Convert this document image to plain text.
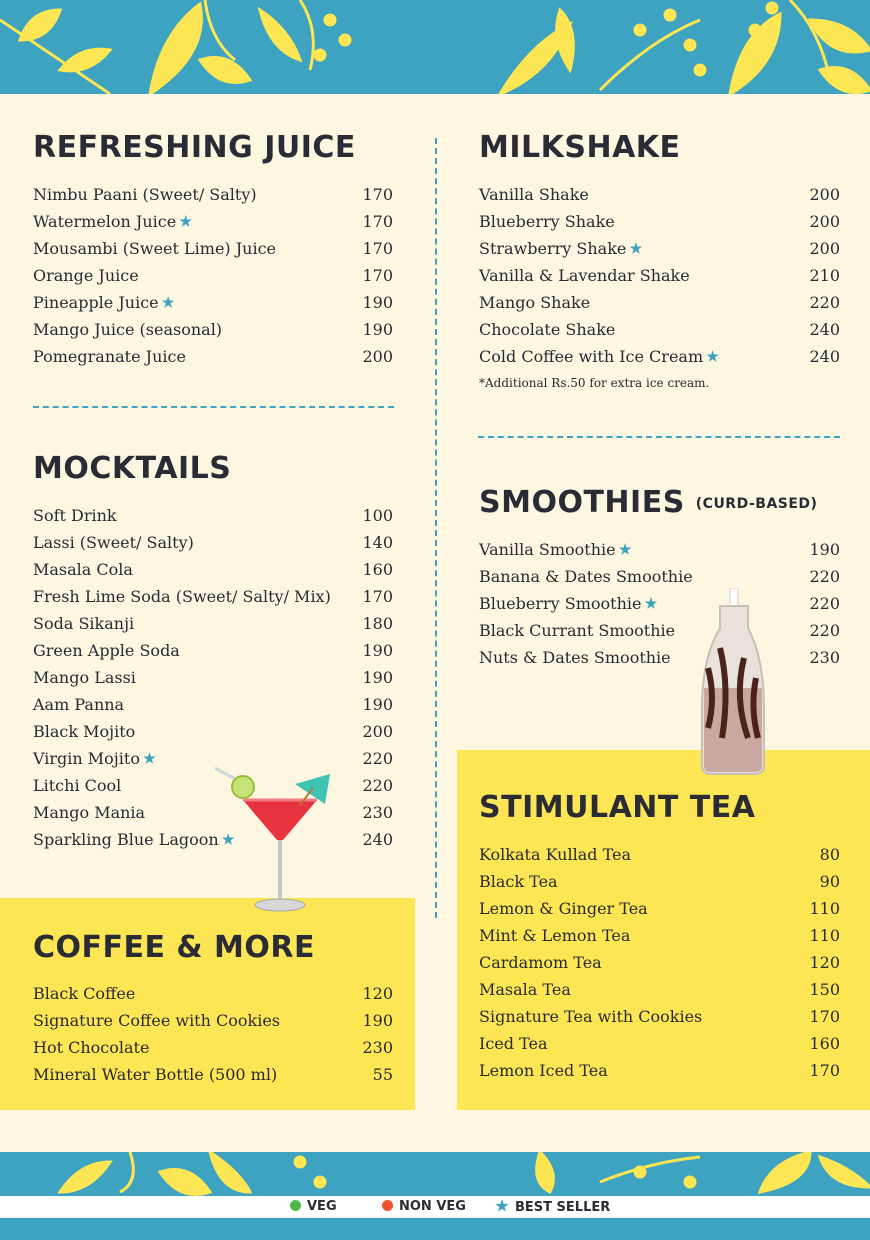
REFRESHING JUICE
Nimbu Paani (Sweet/ Salty)	170
Watermelon Juice	170
Mousambi (Sweet Lime) Juice	170
Orange Juice	170
Pineapple Juice	190
Mango Juice (seasonal)	190
Pomegranate Juice	200
MOCKTAILS
Soft Drink	100
Lassi (Sweet/ Salty)	140
Masala Cola	160
Fresh Lime Soda (Sweet/ Salty/ Mix) 170
Soda Sikanji	180
Green Apple Soda	190
Mango Lassi	190
Aam Panna	190
Black Mojito	200
Virgin Mojito	220
Litchi Cool	220
Mango Mania	230
Sparkling Blue Lagoon	240
COFFEE & MORE
Black Coffee	120
Signature Coffee with Cookies	190
Hot Chocolate	230
Mineral Water Bottle (500 ml)	55
MILKSHAKE
Vanilla Shake	200
Blueberry Shake	200
Strawberry Shake	200
Vanilla & Lavendar Shake	210
Mango Shake	220
Chocolate Shake	240
Cold Coffee with Ice Cream	240
*Additional Rs.50 for extra ice cream.
SMOOTHIES (CURD-BASED)
Vanilla Smoothie	190
Banana & Dates Smoothie	220
Blueberry Smoothie	220
Black Currant Smoothie	220
Nuts & Dates Smoothie	230
STIMULANT TEA
Kolkata Kullad Tea	80
Black Tea	90
Lemon & Ginger Tea	110
Mint & Lemon Tea	110
Cardamom Tea	120
Masala Tea	150
Signature Tea with Cookies	170
Iced Tea	160
Lemon Iced Tea	170
VEG	NON VEG	BEST SELLER
